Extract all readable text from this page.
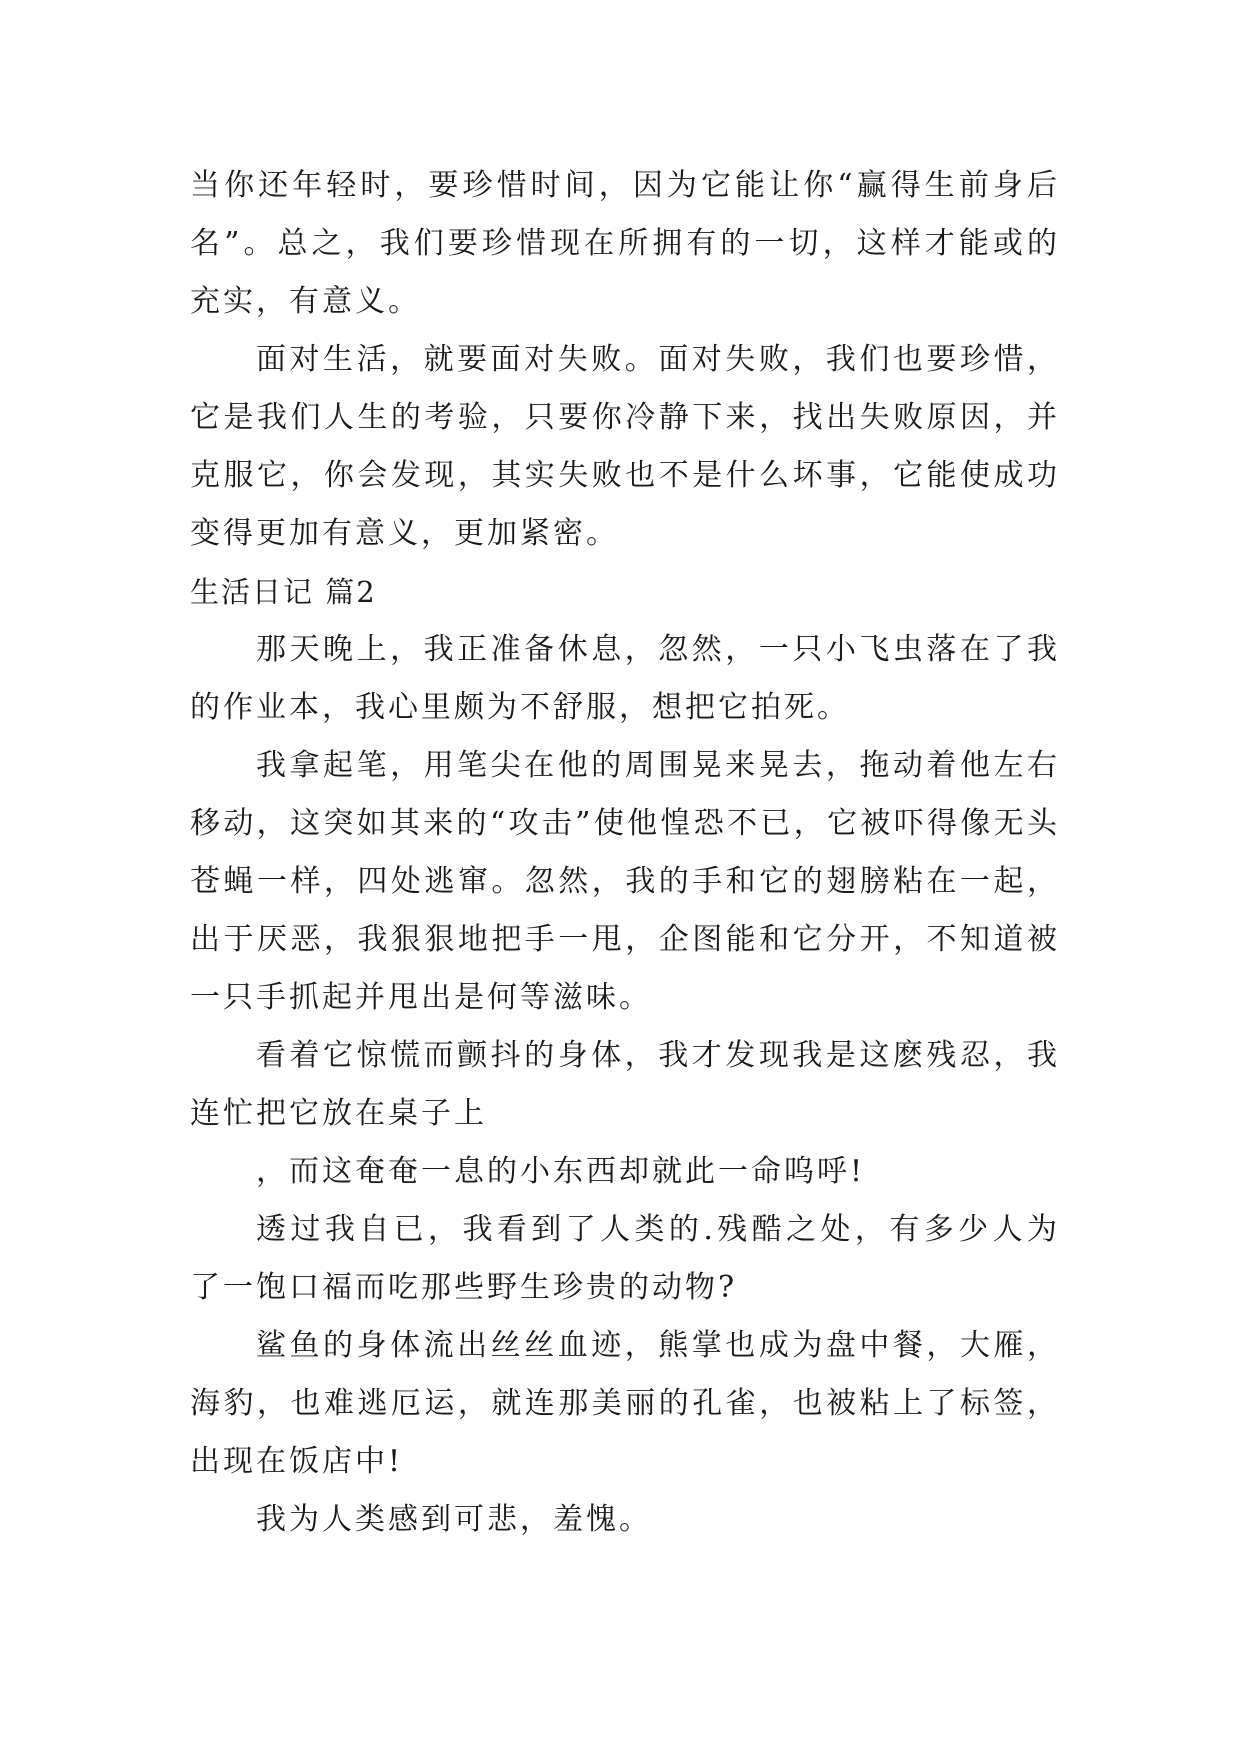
当你还年轻时，要珍惜时间，因为它能让你“赢得生前身后名”。总之，我们要珍惜现在所拥有的一切，这样才能或的充实，有意义。

面对生活，就要面对失败。面对失败，我们也要珍惜，它是我们人生的考验，只要你冷静下来，找出失败原因，并克服它，你会发现，其实失败也不是什么坏事，它能使成功变得更加有意义，更加紧密。

生活日记 篇2

那天晚上，我正准备休息，忽然，一只小飞虫落在了我的作业本，我心里颇为不舒服，想把它拍死。

我拿起笔，用笔尖在他的周围晃来晃去，拖动着他左右移动，这突如其来的“攻击”使他惶恐不已，它被吓得像无头苍蝇一样，四处逃窜。忽然，我的手和它的翅膀粘在一起，出于厌恶，我狠狠地把手一甩，企图能和它分开，不知道被一只手抓起并甩出是何等滋味。

看着它惊慌而颤抖的身体，我才发现我是这麽残忍，我连忙把它放在桌子上

，而这奄奄一息的小东西却就此一命呜呼!

透过我自已，我看到了人类的.残酷之处，有多少人为了一饱口福而吃那些野生珍贵的动物?

鲨鱼的身体流出丝丝血迹，熊掌也成为盘中餐，大雁，海豹，也难逃厄运，就连那美丽的孔雀，也被粘上了标签，出现在饭店中!

我为人类感到可悲，羞愧。
